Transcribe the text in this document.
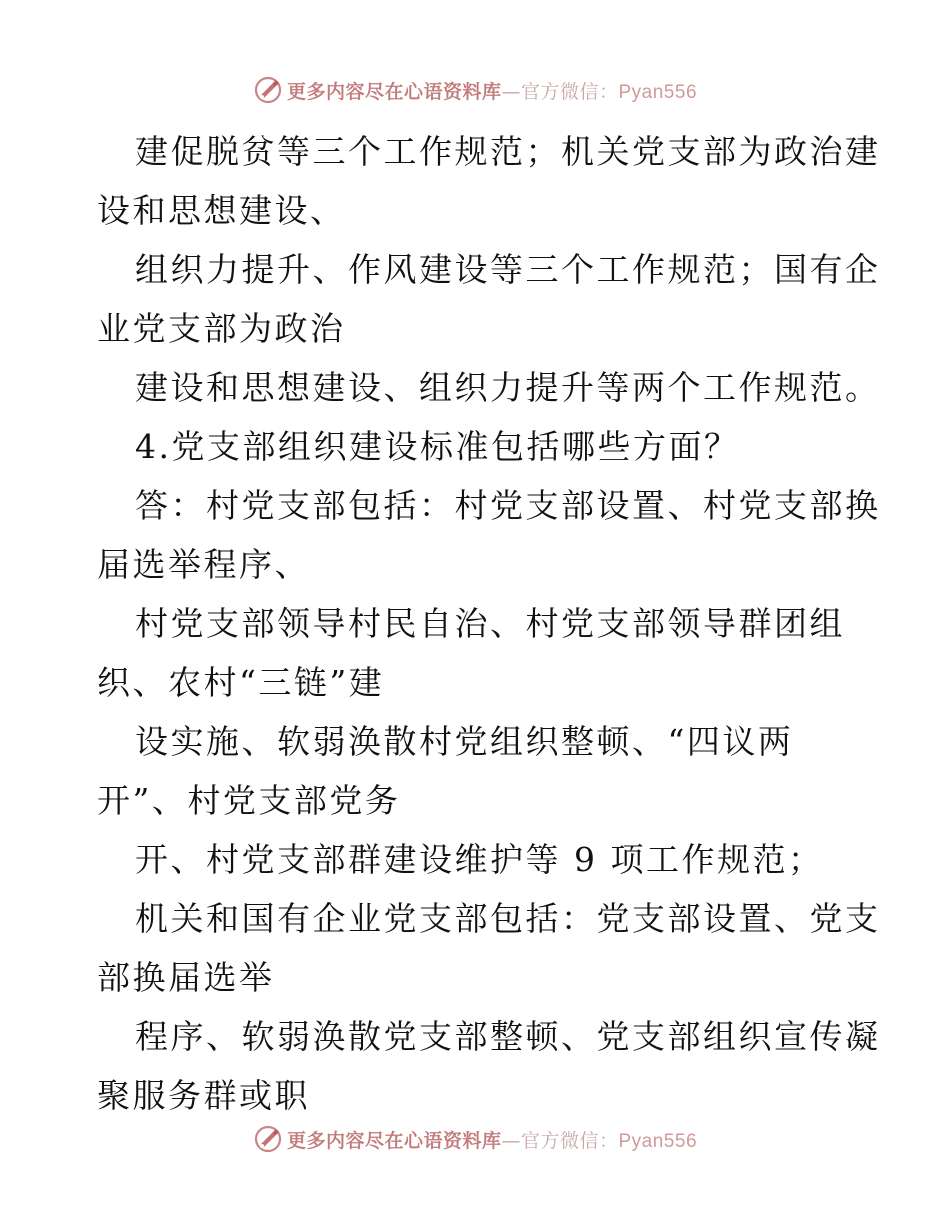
更多内容尽在心语资料库—官方微信：Pyan556
建促脱贫等三个工作规范；机关党支部为政治建
设和思想建设、
组织力提升、作风建设等三个工作规范；国有企
业党支部为政治
建设和思想建设、组织力提升等两个工作规范。
4.党支部组织建设标准包括哪些方面？
答：村党支部包括：村党支部设置、村党支部换
届选举程序、
村党支部领导村民自治、村党支部领导群团组
织、农村“三链”建
设实施、软弱涣散村党组织整顿、“四议两
开”、村党支部党务
开、村党支部群建设维护等 9 项工作规范；
机关和国有企业党支部包括：党支部设置、党支
部换届选举
程序、软弱涣散党支部整顿、党支部组织宣传凝
聚服务群或职
更多内容尽在心语资料库—官方微信：Pyan556
